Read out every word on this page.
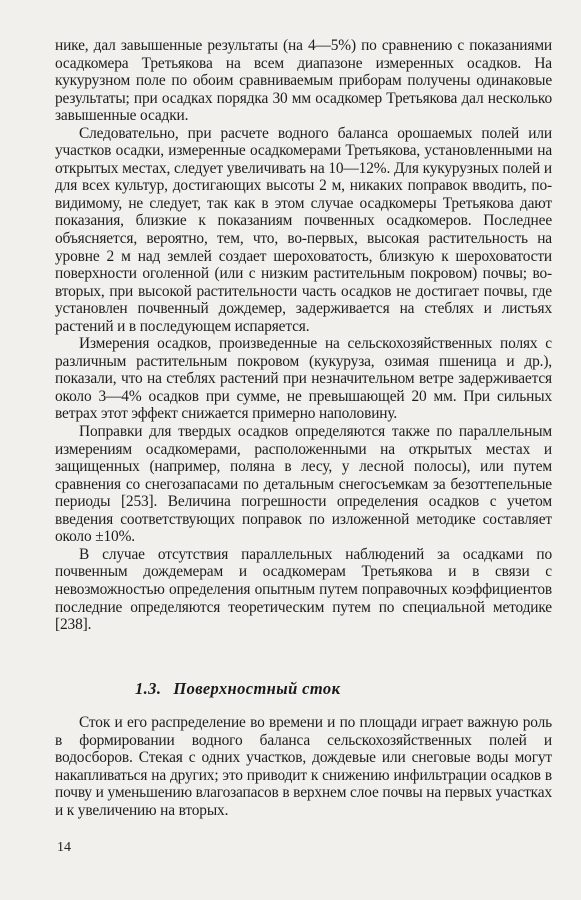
нике, дал завышенные результаты (на 4—5%) по сравнению с показаниями осадкомера Третьякова на всем диапазоне измеренных осадков. На кукурузном поле по обоим сравниваемым приборам получены одинаковые результаты; при осадках порядка 30 мм осадкомер Третьякова дал несколько завышенные осадки.

Следовательно, при расчете водного баланса орошаемых полей или участков осадки, измеренные осадкомерами Третьякова, установленными на открытых местах, следует увеличивать на 10—12%. Для кукурузных полей и для всех культур, достигающих высоты 2 м, никаких поправок вводить, по-видимому, не следует, так как в этом случае осадкомеры Третьякова дают показания, близкие к показаниям почвенных осадкомеров. Последнее объясняется, вероятно, тем, что, во-первых, высокая растительность на уровне 2 м над землей создает шероховатость, близкую к шероховатости поверхности оголенной (или с низким растительным покровом) почвы; во-вторых, при высокой растительности часть осадков не достигает почвы, где установлен почвенный дождемер, задерживается на стеблях и листьях растений и в последующем испаряется.

Измерения осадков, произведенные на сельскохозяйственных полях с различным растительным покровом (кукуруза, озимая пшеница и др.), показали, что на стеблях растений при незначительном ветре задерживается около 3—4% осадков при сумме, не превышающей 20 мм. При сильных ветрах этот эффект снижается примерно наполовину.

Поправки для твердых осадков определяются также по параллельным измерениям осадкомерами, расположенными на открытых местах и защищенных (например, поляна в лесу, у лесной полосы), или путем сравнения со снегозапасами по детальным снегосъемкам за безоттепельные периоды [253]. Величина погрешности определения осадков с учетом введения соответствующих поправок по изложенной методике составляет около ±10%.

В случае отсутствия параллельных наблюдений за осадками по почвенным дождемерам и осадкомерам Третьякова и в связи с невозможностью определения опытным путем поправочных коэффициентов последние определяются теоретическим путем по специальной методике [238].

1.3. Поверхностный сток

Сток и его распределение во времени и по площади играет важную роль в формировании водного баланса сельскохозяйственных полей и водосборов. Стекая с одних участков, дождевые или снеговые воды могут накапливаться на других; это приводит к снижению инфильтрации осадков в почву и уменьшению влагозапасов в верхнем слое почвы на первых участках и к увеличению на вторых.

14
